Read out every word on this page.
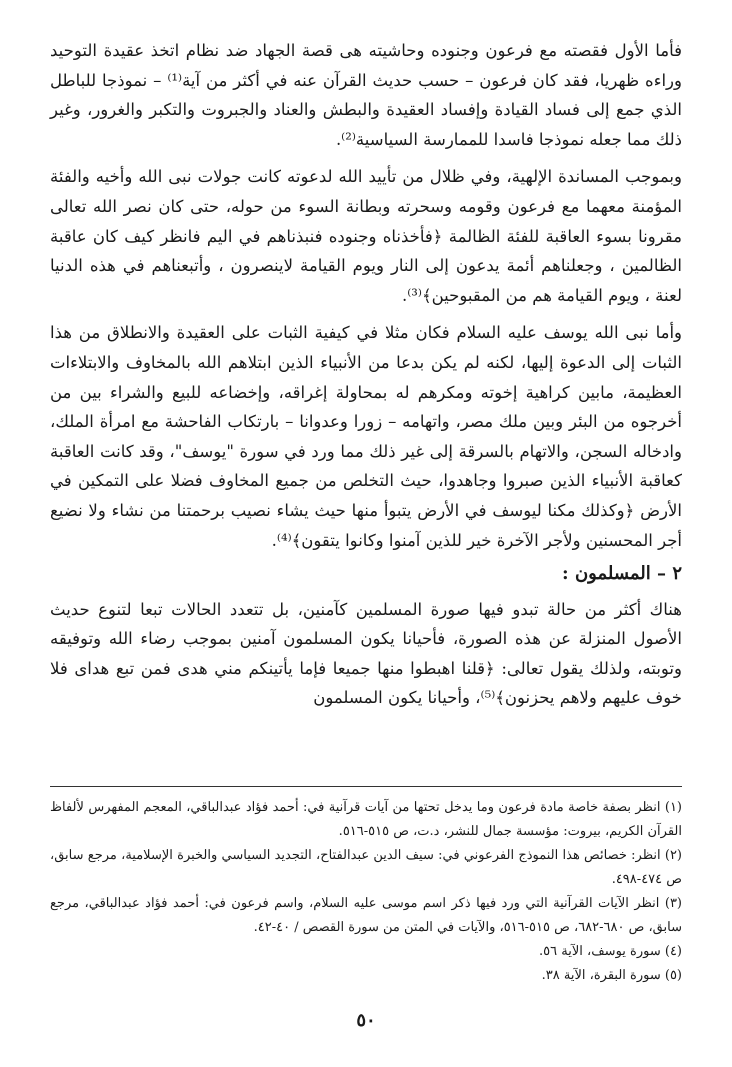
فأما الأول فقصته مع فرعون وجنوده وحاشيته هى قصة الجهاد ضد نظام اتخذ عقيدة التوحيد وراءه ظهريا، فقد كان فرعون – حسب حديث القرآن عنه في أكثر من آية⁽¹⁾ – نموذجا للباطل الذي جمع إلى فساد القيادة وإفساد العقيدة والبطش والعناد والجبروت والتكبر والغرور، وغير ذلك مما جعله نموذجا فاسدا للممارسة السياسية⁽²⁾.

وبموجب المساندة الإلهية، وفي ظلال من تأييد الله لدعوته كانت جولات نبى الله وأخيه والفئة المؤمنة معهما مع فرعون وقومه وسحرته وبطانة السوء من حوله، حتى كان نصر الله تعالى مقرونا بسوء العاقبة للفئة الظالمة ﴿فأخذناه وجنوده فنبذناهم في اليم فانظر كيف كان عاقبة الظالمين ، وجعلناهم أئمة يدعون إلى النار ويوم القيامة لاينصرون ، وأتبعناهم في هذه الدنيا لعنة ، ويوم القيامة هم من المقبوحين﴾⁽³⁾.

وأما نبى الله يوسف عليه السلام فكان مثلا في كيفية الثبات على العقيدة والانطلاق من هذا الثبات إلى الدعوة إليها، لكنه لم يكن بدعا من الأنبياء الذين ابتلاهم الله بالمخاوف والابتلاءات العظيمة، مابين كراهية إخوته ومكرهم له بمحاولة إغراقه، وإخضاعه للبيع والشراء بين من أخرجوه من البئر وبين ملك مصر، واتهامه – زورا وعدوانا – بارتكاب الفاحشة مع امرأة الملك، وادخاله السجن، والاتهام بالسرقة إلى غير ذلك مما ورد في سورة "يوسف"، وقد كانت العاقبة كعاقبة الأنبياء الذين صبروا وجاهدوا، حيث التخلص من جميع المخاوف فضلا على التمكين في الأرض ﴿وكذلك مكنا ليوسف في الأرض يتبوأ منها حيث يشاء نصيب برحمتنا من نشاء ولا نضيع أجر المحسنين ولأجر الآخرة خير للذين آمنوا وكانوا يتقون﴾⁽⁴⁾.

٢ – المسلمون :

هناك أكثر من حالة تبدو فيها صورة المسلمين كآمنين، بل تتعدد الحالات تبعا لتنوع حديث الأصول المنزلة عن هذه الصورة، فأحيانا يكون المسلمون آمنين بموجب رضاء الله وتوفيقه وتوبته، ولذلك يقول تعالى: ﴿قلنا اهبطوا منها جميعا فإما يأتينكم مني هدى فمن تبع هداى فلا خوف عليهم ولاهم يحزنون﴾⁽⁵⁾، وأحيانا يكون المسلمون

(١) انظر بصفة خاصة مادة فرعون وما يدخل تحتها من آيات قرآنية في: أحمد فؤاد عبدالباقي، المعجم المفهرس لألفاظ القرآن الكريم، بيروت: مؤسسة جمال للنشر، د.ت، ص ٥١٥-٥١٦.

(٢) انظر: خصائص هذا النموذج الفرعوني في: سيف الدين عبدالفتاح، التجديد السياسي والخبرة الإسلامية، مرجع سابق، ص ٤٧٤-٤٩٨.

(٣) انظر الآيات القرآنية التي ورد فيها ذكر اسم موسى عليه السلام، واسم فرعون في: أحمد فؤاد عبدالباقي، مرجع سابق، ص ٦٨٠-٦٨٢، ص ٥١٥-٥١٦، والآيات في المتن من سورة القصص / ٤٠-٤٢.

(٤) سورة يوسف، الآية ٥٦.

(٥) سورة البقرة، الآية ٣٨.

٥٠
